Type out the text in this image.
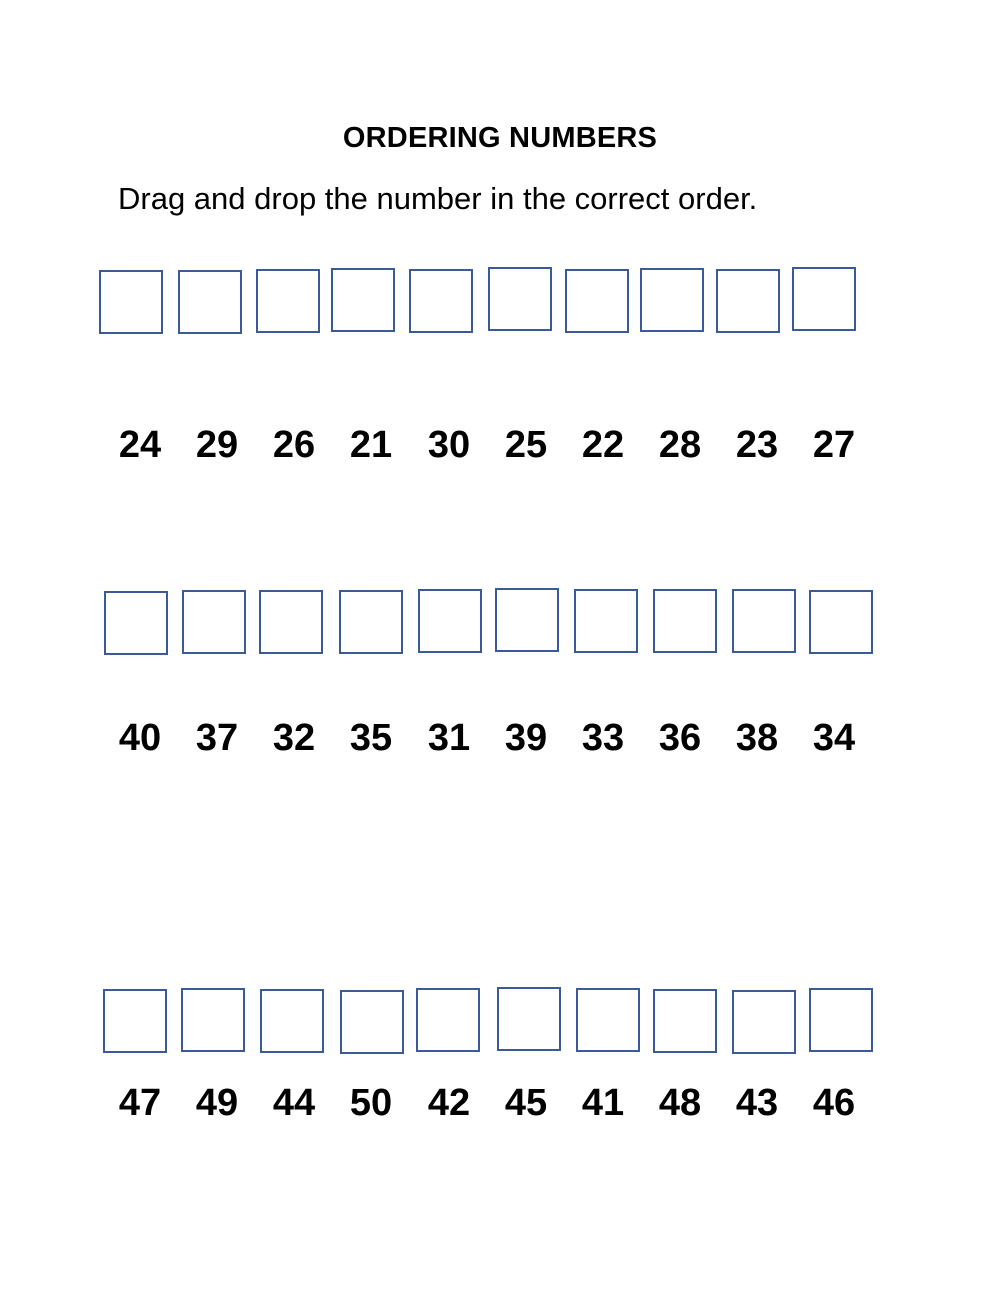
ORDERING NUMBERS
Drag and drop the number in the correct order.
24 29 26 21 30 25 22 28 23 27
40 37 32 35 31 39 33 36 38 34
47 49 44 50 42 45 41 48 43 46
